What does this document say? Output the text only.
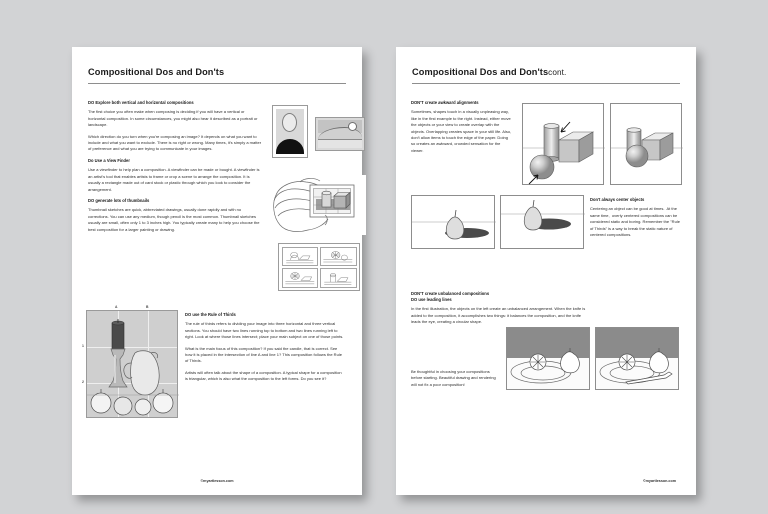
Compositional Dos and Don'ts
DO Explore both vertical and horizontal compositions
The first choice you often make when composing is deciding if you will have a vertical or horizontal composition. In some circumstances, you might also hear it described as a portrait or landscape.
Which direction do you turn when you're composing an image? It depends on what you want to include and what you want to exclude. There is no right or wrong. Many times, it's simply a matter of preference and what you are trying to communicate in your images.
Do Use a View Finder
Use a viewfinder to help plan a composition. A viewfinder can be made or bought. A viewfinder is an artist's tool that enables artists to frame or crop a scene to arrange the composition. It is usually a rectangle made out of card stock or plastic through which you look to consider the arrangement.
DO generate lots of thumbnails
Thumbnail sketches are quick, abbreviated drawings, usually done rapidly and with no corrections. You can use any medium, though pencil is the most common. Thumbnail sketches usually are small, often only 1 to 3 inches high. You typically create many to help you choose the best composition for a larger painting or drawing.
DO use the Rule of Thirds
The rule of thirds refers to dividing your image into three horizontal and three vertical sections. You should have two lines running top to bottom and two lines running left to right. Look at where those lines intersect; place your main subject on one of those points.
What is the main focus of this composition? If you said the candle, that is correct. See how it is placed in the intersection of line A and line 1? This composition follows the Rule of Thirds.
Artists will often talk about the shape of a composition. A typical shape for a composition is triangular, which is also what the composition to the left forms. Do you see it?
A	B
1
2
©myartlesson.com
Compositional Dos and Don'tscont.
DON'T create awkward alignments
Sometimes, shapes touch in a visually unpleasing way, like in the first example to the right. Instead, either move the objects or your view to create overlap with the objects. Overlapping creates space in your still life. Also, don't allow items to touch the edge of the paper. Doing so creates an awkward, crowded sensation for the viewer.
Don't always center objects
Centering an object can be good at times.  At the same time,  overly centered compositions can be considered static and boring. Remember the "Rule of Thirds" is a way to break the static nature of centered compositions.
DON'T create unbalanced compositions
DO use leading lines
In the first illustration, the objects on the left create an unbalanced arrangement. When the knife is added to the composition, it accomplishes two things: it balances the composition, and the knife leads the eye, creating a circular shape.
Be thoughtful in choosing your compositions before starting. Beautiful drawing and rendering will not fix a poor composition!
©myartlesson.com
